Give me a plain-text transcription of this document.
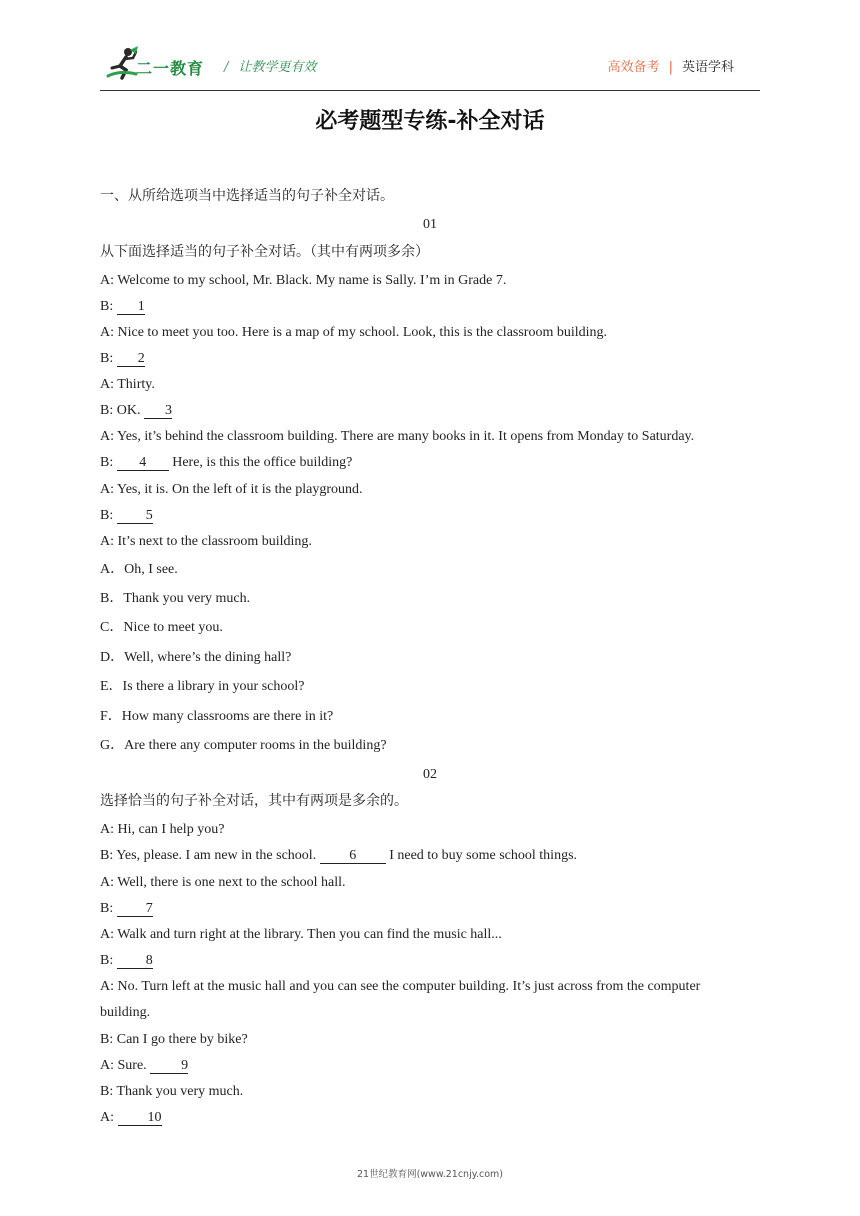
二一教育 / 让教学更有效	高效备考 | 英语学科
必考题型专练-补全对话
一、从所给选项当中选择适当的句子补全对话。
01
从下面选择适当的句子补全对话。（其中有两项多余）
A: Welcome to my school, Mr. Black. My name is Sally. I’m in Grade 7.
B: 1
A: Nice to meet you too. Here is a map of my school. Look, this is the classroom building.
B: 2
A: Thirty.
B: OK. 3
A: Yes, it’s behind the classroom building. There are many books in it. It opens from Monday to Saturday.
B: 4 Here, is this the office building?
A: Yes, it is. On the left of it is the playground.
B: 5
A: It’s next to the classroom building.
A．Oh, I see.
B．Thank you very much.
C．Nice to meet you.
D．Well, where’s the dining hall?
E．Is there a library in your school?
F．How many classrooms are there in it?
G．Are there any computer rooms in the building?
02
选择恰当的句子补全对话，其中有两项是多余的。
A: Hi, can I help you?
B: Yes, please. I am new in the school. 6 I need to buy some school things.
A: Well, there is one next to the school hall.
B: 7
A: Walk and turn right at the library. Then you can find the music hall...
B: 8
A: No. Turn left at the music hall and you can see the computer building. It’s just across from the computer
building.
B: Can I go there by bike?
A: Sure. 9
B: Thank you very much.
A: 10
21世纪教育网(www.21cnjy.com)
